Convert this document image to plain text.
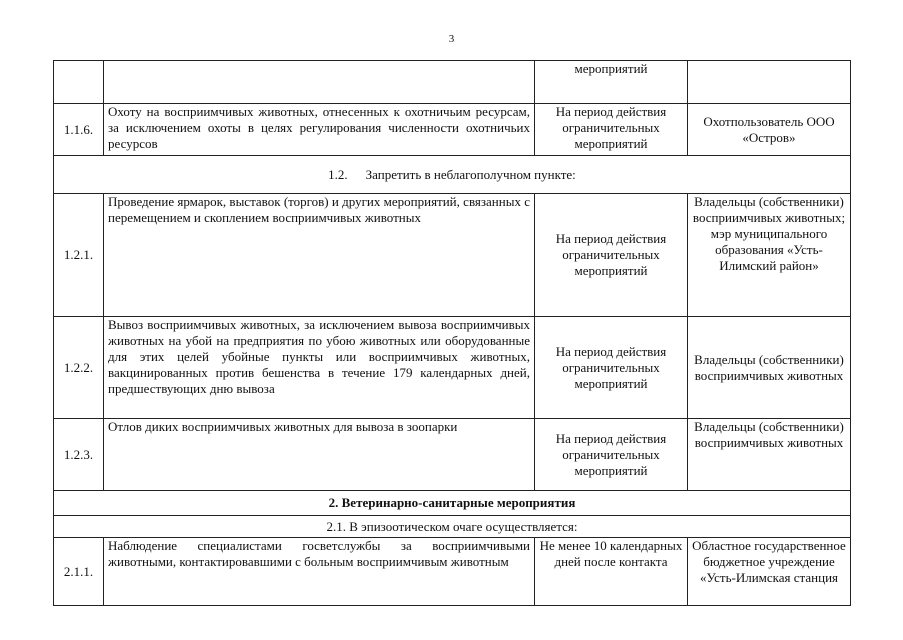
3
		мероприятий	
1.1.6.	Охоту на восприимчивых животных, отнесенных к охотничьим ресурсам, за исключением охоты в целях регулирования численности охотничьих ресурсов	На период действия ограничительных мероприятий	Охотпользователь ООО «Остров»
1.2. Запретить в неблагополучном пункте:			
1.2.1.	Проведение ярмарок, выставок (торгов) и других мероприятий, связанных с перемещением и скоплением восприимчивых животных	На период действия ограничительных мероприятий	Владельцы (собственники) восприимчивых животных; мэр муниципального образования «Усть-Илимский район»
1.2.2.	Вывоз восприимчивых животных, за исключением вывоза восприимчивых животных на убой на предприятия по убою животных или оборудованные для этих целей убойные пункты или восприимчивых животных, вакцинированных против бешенства в течение 179 календарных дней, предшествующих дню вывоза	На период действия ограничительных мероприятий	Владельцы (собственники) восприимчивых животных
1.2.3.	Отлов диких восприимчивых животных для вывоза в зоопарки	На период действия ограничительных мероприятий	Владельцы (собственники) восприимчивых животных
2. Ветеринарно-санитарные мероприятия			
2.1. В эпизоотическом очаге осуществляется:			
2.1.1.	Наблюдение специалистами госветслужбы за восприимчивыми животными, контактировавшими с больным восприимчивым животным	Не менее 10 календарных дней после контакта	Областное государственное бюджетное учреждение «Усть-Илимская станция
